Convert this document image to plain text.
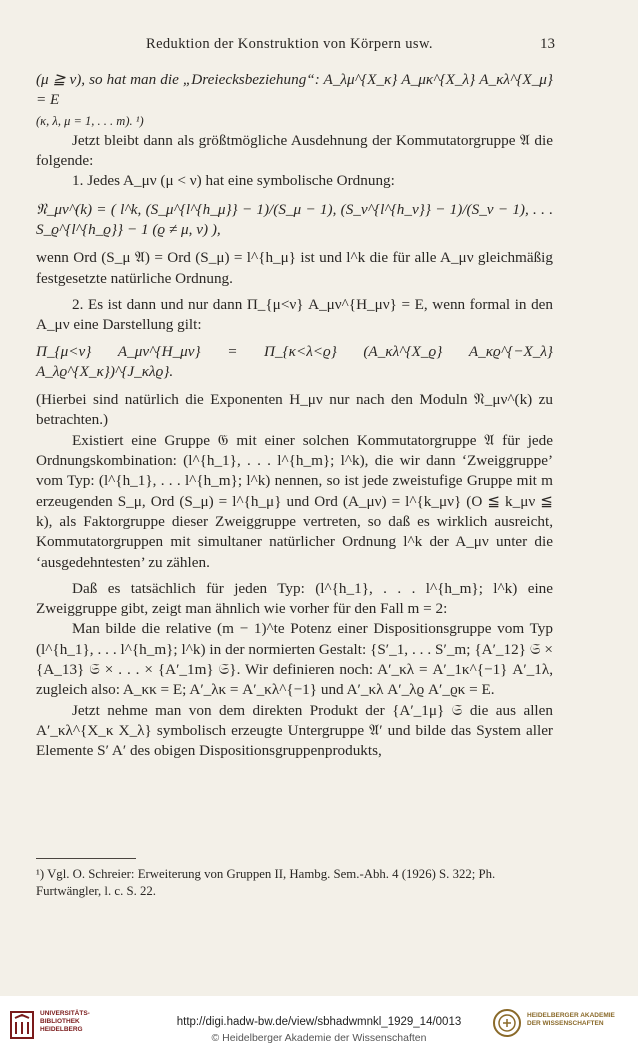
Reduktion der Konstruktion von Körpern usw.	13

(μ ≧ ν), so hat man die „Dreiecksbeziehung“: A_λμ^{X_κ} A_μκ^{X_λ} A_κλ^{X_μ} = E

(κ, λ, μ = 1, . . . m). ¹)

Jetzt bleibt dann als größtmögliche Ausdehnung der Kommutatorgruppe 𝔄 die folgende:

1. Jedes A_μν (μ < ν) hat eine symbolische Ordnung:

𝔑_μν^(k) = ( l^k, (S_μ^{l^{h_μ}} − 1)/(S_μ − 1), (S_ν^{l^{h_ν}} − 1)/(S_ν − 1), . . . S_ϱ^{l^{h_ϱ}} − 1 (ϱ ≠ μ, ν) ),

wenn Ord (S_μ 𝔄) = Ord (S_μ) = l^{h_μ} ist und l^k die für alle A_μν gleichmäßig festgesetzte natürliche Ordnung.

2. Es ist dann und nur dann Π_{μ<ν} A_μν^{H_μν} = E, wenn formal in den A_μν eine Darstellung gilt:

Π_{μ<ν} A_μν^{H_μν} = Π_{κ<λ<ϱ} (A_κλ^{X_ϱ} A_κϱ^{−X_λ} A_λϱ^{X_κ})^{J_κλϱ}.

(Hierbei sind natürlich die Exponenten H_μν nur nach den Moduln 𝔑_μν^(k) zu betrachten.)

Existiert eine Gruppe 𝔊 mit einer solchen Kommutatorgruppe 𝔄 für jede Ordnungskombination: (l^{h_1}, . . . l^{h_m}; l^k), die wir dann ‘Zweiggruppe’ vom Typ: (l^{h_1}, . . . l^{h_m}; l^k) nennen, so ist jede zweistufige Gruppe mit m erzeugenden S_μ, Ord (S_μ) = l^{h_μ} und Ord (A_μν) = l^{k_μν} (O ≦ k_μν ≦ k), als Faktorgruppe dieser Zweiggruppe vertreten, so daß es wirklich ausreicht, Kommutatorgruppen mit simultaner natürlicher Ordnung l^k der A_μν unter die ‘ausgedehntesten’ zu zählen.

Daß es tatsächlich für jeden Typ: (l^{h_1}, . . . l^{h_m}; l^k) eine Zweiggruppe gibt, zeigt man ähnlich wie vorher für den Fall m = 2:

Man bilde die relative (m − 1)^te Potenz einer Dispositionsgruppe vom Typ (l^{h_1}, . . . l^{h_m}; l^k) in der normierten Gestalt: {S′_1, . . . S′_m; {A′_12} 𝔖 × {A_13} 𝔖 × . . . × {A′_1m} 𝔖}. Wir definieren noch: A′_κλ = A′_1κ^{−1} A′_1λ, zugleich also: A_κκ = E; A′_λκ = A′_κλ^{−1} und A′_κλ A′_λϱ A′_ϱκ = E.

Jetzt nehme man von dem direkten Produkt der {A′_1μ} 𝔖 die aus allen A′_κλ^{X_κ X_λ} symbolisch erzeugte Untergruppe 𝔄′ und bilde das System aller Elemente S′ A′ des obigen Dispositionsgruppenprodukts,

¹) Vgl. O. Schreier: Erweiterung von Gruppen II, Hambg. Sem.-Abh. 4 (1926) S. 322; Ph. Furtwängler, l. c. S. 22.
UNIVERSITÄTS-
BIBLIOTHEK
HEIDELBERG
http://digi.hadw-bw.de/view/sbhadwmnkl_1929_14/0013
© Heidelberger Akademie der Wissenschaften
HEIDELBERGER AKADEMIE
DER WISSENSCHAFTEN
